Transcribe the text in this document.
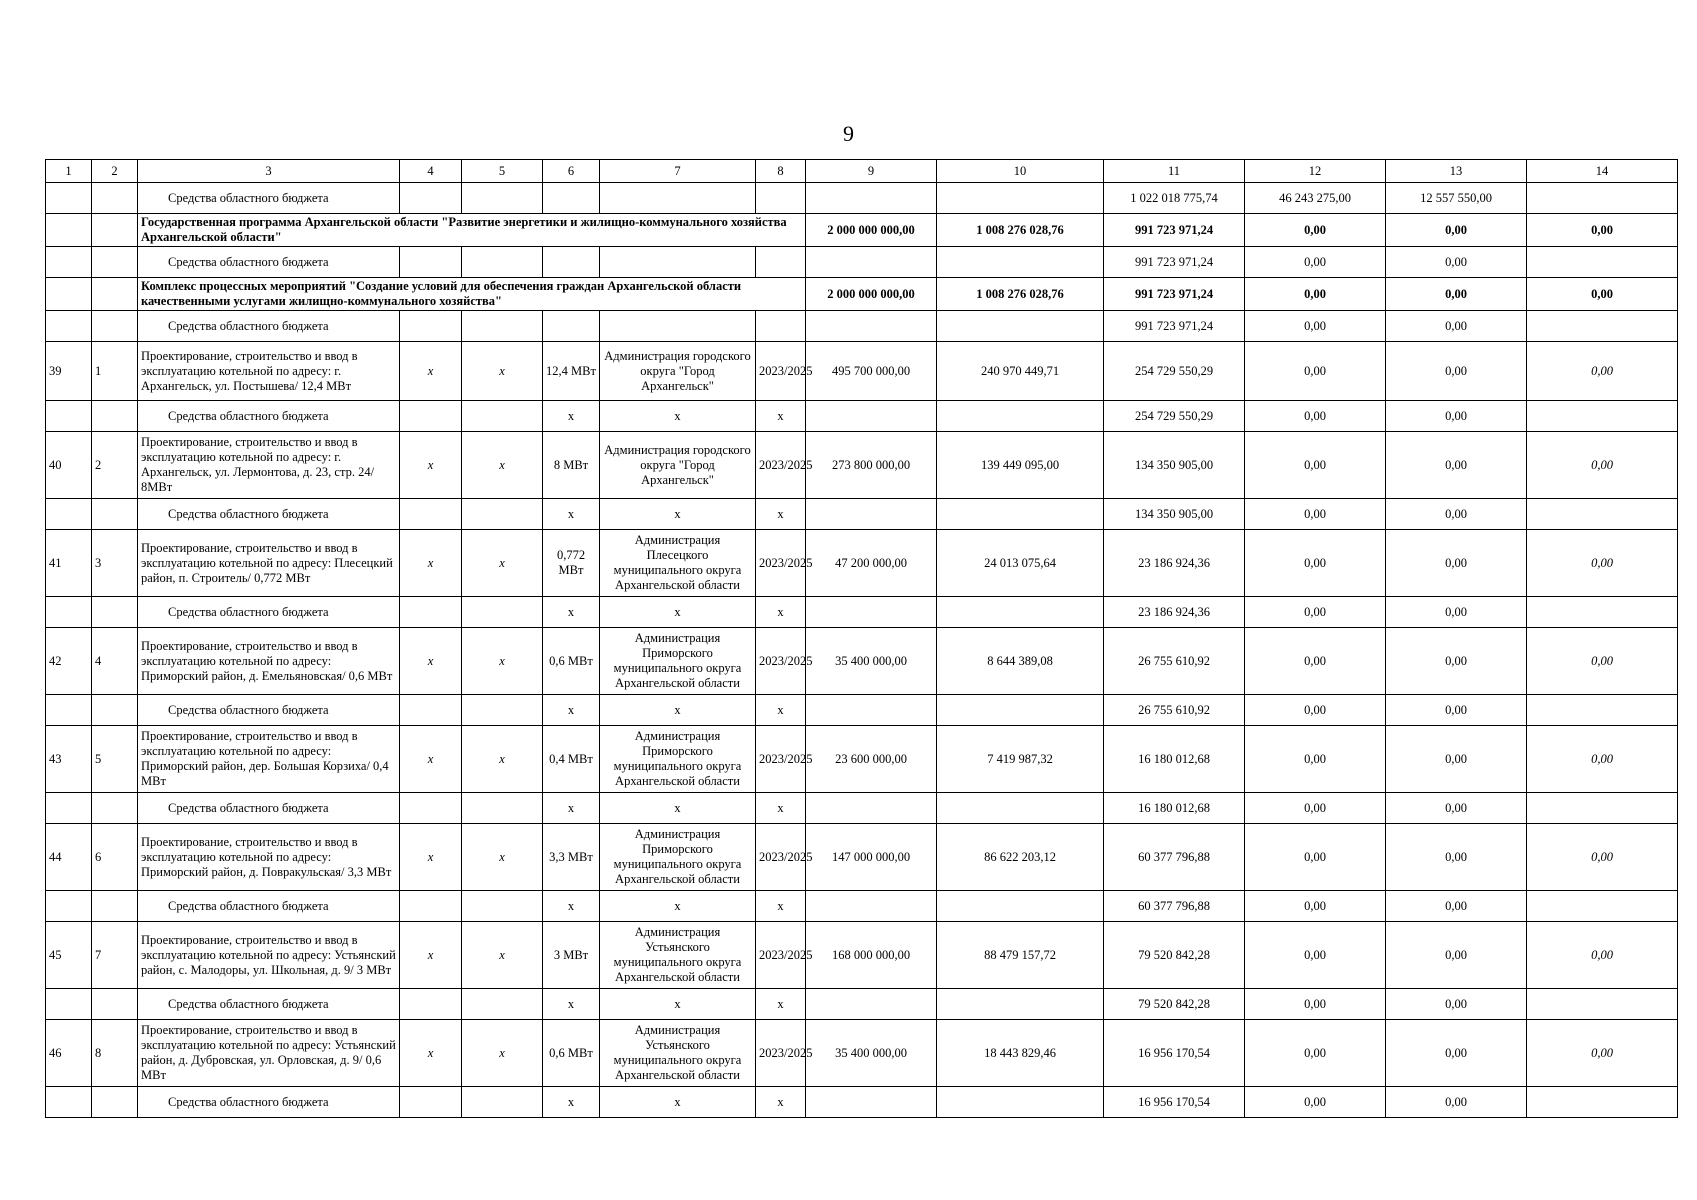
9
1	2	3	4	5	6	7	8	9	10	11	12	13	14
		Средства областного бюджета								1 022 018 775,74	46 243 275,00	12 557 550,00	
		Государственная программа Архангельской области "Развитие энергетики и жилищно-коммунального хозяйства Архангельской области"						2 000 000 000,00	1 008 276 028,76	991 723 971,24	0,00	0,00	0,00
		Средства областного бюджета								991 723 971,24	0,00	0,00	
		Комплекс процессных мероприятий "Создание условий для обеспечения граждан Архангельской области качественными услугами жилищно-коммунального хозяйства"						2 000 000 000,00	1 008 276 028,76	991 723 971,24	0,00	0,00	0,00
		Средства областного бюджета								991 723 971,24	0,00	0,00	
39	1	Проектирование, строительство и ввод в эксплуатацию котельной по адресу: г. Архангельск, ул. Постышева/ 12,4 МВт	x	x	12,4 МВт	Администрация городского округа "Город Архангельск"	2023/2025	495 700 000,00	240 970 449,71	254 729 550,29	0,00	0,00	0,00
		Средства областного бюджета			x	x	x			254 729 550,29	0,00	0,00	
40	2	Проектирование, строительство и ввод в эксплуатацию котельной по адресу: г. Архангельск, ул. Лермонтова, д. 23, стр. 24/ 8МВт	x	x	8 МВт	Администрация городского округа "Город Архангельск"	2023/2025	273 800 000,00	139 449 095,00	134 350 905,00	0,00	0,00	0,00
		Средства областного бюджета			x	x	x			134 350 905,00	0,00	0,00	
41	3	Проектирование, строительство и ввод в эксплуатацию котельной по адресу: Плесецкий район, п. Строитель/ 0,772 МВт	x	x	0,772 МВт	Администрация Плесецкого муниципального округа Архангельской области	2023/2025	47 200 000,00	24 013 075,64	23 186 924,36	0,00	0,00	0,00
		Средства областного бюджета			x	x	x			23 186 924,36	0,00	0,00	
42	4	Проектирование, строительство и ввод в эксплуатацию котельной по адресу: Приморский район, д. Емельяновская/ 0,6 МВт	x	x	0,6 МВт	Администрация Приморского муниципального округа Архангельской области	2023/2025	35 400 000,00	8 644 389,08	26 755 610,92	0,00	0,00	0,00
		Средства областного бюджета			x	x	x			26 755 610,92	0,00	0,00	
43	5	Проектирование, строительство и ввод в эксплуатацию котельной по адресу: Приморский район, дер. Большая Корзиха/ 0,4 МВт	x	x	0,4 МВт	Администрация Приморского муниципального округа Архангельской области	2023/2025	23 600 000,00	7 419 987,32	16 180 012,68	0,00	0,00	0,00
		Средства областного бюджета			x	x	x			16 180 012,68	0,00	0,00	
44	6	Проектирование, строительство и ввод в эксплуатацию котельной по адресу: Приморский район, д. Повракульская/ 3,3 МВт	x	x	3,3 МВт	Администрация Приморского муниципального округа Архангельской области	2023/2025	147 000 000,00	86 622 203,12	60 377 796,88	0,00	0,00	0,00
		Средства областного бюджета			x	x	x			60 377 796,88	0,00	0,00	
45	7	Проектирование, строительство и ввод в эксплуатацию котельной по адресу: Устьянский район, с. Малодоры, ул. Школьная, д. 9/ 3 МВт	x	x	3 МВт	Администрация Устьянского муниципального округа Архангельской области	2023/2025	168 000 000,00	88 479 157,72	79 520 842,28	0,00	0,00	0,00
		Средства областного бюджета			x	x	x			79 520 842,28	0,00	0,00	
46	8	Проектирование, строительство и ввод в эксплуатацию котельной по адресу: Устьянский район, д. Дубровская, ул. Орловская, д. 9/ 0,6 МВт	x	x	0,6 МВт	Администрация Устьянского муниципального округа Архангельской области	2023/2025	35 400 000,00	18 443 829,46	16 956 170,54	0,00	0,00	0,00
		Средства областного бюджета			x	x	x			16 956 170,54	0,00	0,00	
